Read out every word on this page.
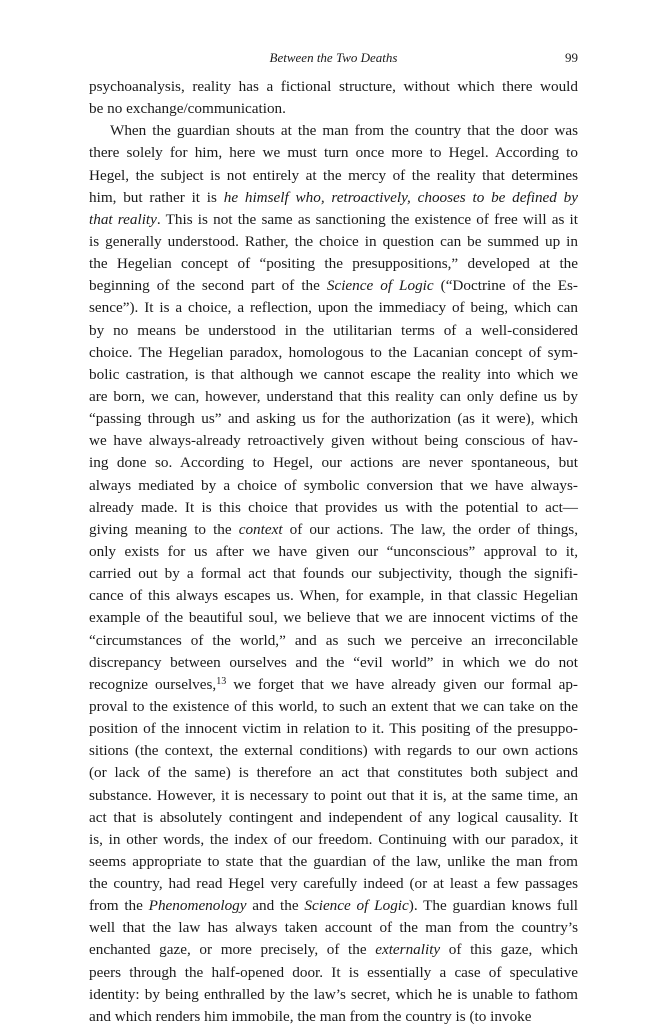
Between the Two Deaths	99
psychoanalysis, reality has a fictional structure, without which there would
be no exchange/communication.
When the guardian shouts at the man from the country that the door was
there solely for him, here we must turn once more to Hegel. According to
Hegel, the subject is not entirely at the mercy of the reality that determines
him, but rather it is he himself who, retroactively, chooses to be defined by
that reality. This is not the same as sanctioning the existence of free will as it
is generally understood. Rather, the choice in question can be summed up in
the Hegelian concept of “positing the presuppositions,” developed at the
beginning of the second part of the Science of Logic (“Doctrine of the Es-
sence”). It is a choice, a reflection, upon the immediacy of being, which can
by no means be understood in the utilitarian terms of a well-considered
choice. The Hegelian paradox, homologous to the Lacanian concept of sym-
bolic castration, is that although we cannot escape the reality into which we
are born, we can, however, understand that this reality can only define us by
“passing through us” and asking us for the authorization (as it were), which
we have always-already retroactively given without being conscious of hav-
ing done so. According to Hegel, our actions are never spontaneous, but
always mediated by a choice of symbolic conversion that we have always-
already made. It is this choice that provides us with the potential to act—
giving meaning to the context of our actions. The law, the order of things,
only exists for us after we have given our “unconscious” approval to it,
carried out by a formal act that founds our subjectivity, though the signifi-
cance of this always escapes us. When, for example, in that classic Hegelian
example of the beautiful soul, we believe that we are innocent victims of the
“circumstances of the world,” and as such we perceive an irreconcilable
discrepancy between ourselves and the “evil world” in which we do not
recognize ourselves,$^{13}$ we forget that we have already given our formal ap-
proval to the existence of this world, to such an extent that we can take on the
position of the innocent victim in relation to it. This positing of the presuppo-
sitions (the context, the external conditions) with regards to our own actions
(or lack of the same) is therefore an act that constitutes both subject and
substance. However, it is necessary to point out that it is, at the same time, an
act that is absolutely contingent and independent of any logical causality. It
is, in other words, the index of our freedom. Continuing with our paradox, it
seems appropriate to state that the guardian of the law, unlike the man from
the country, had read Hegel very carefully indeed (or at least a few passages
from the Phenomenology and the Science of Logic). The guardian knows full
well that the law has always taken account of the man from the country’s
enchanted gaze, or more precisely, of the externality of this gaze, which
peers through the half-opened door. It is essentially a case of speculative
identity: by being enthralled by the law’s secret, which he is unable to fathom
and which renders him immobile, the man from the country is (to invoke
